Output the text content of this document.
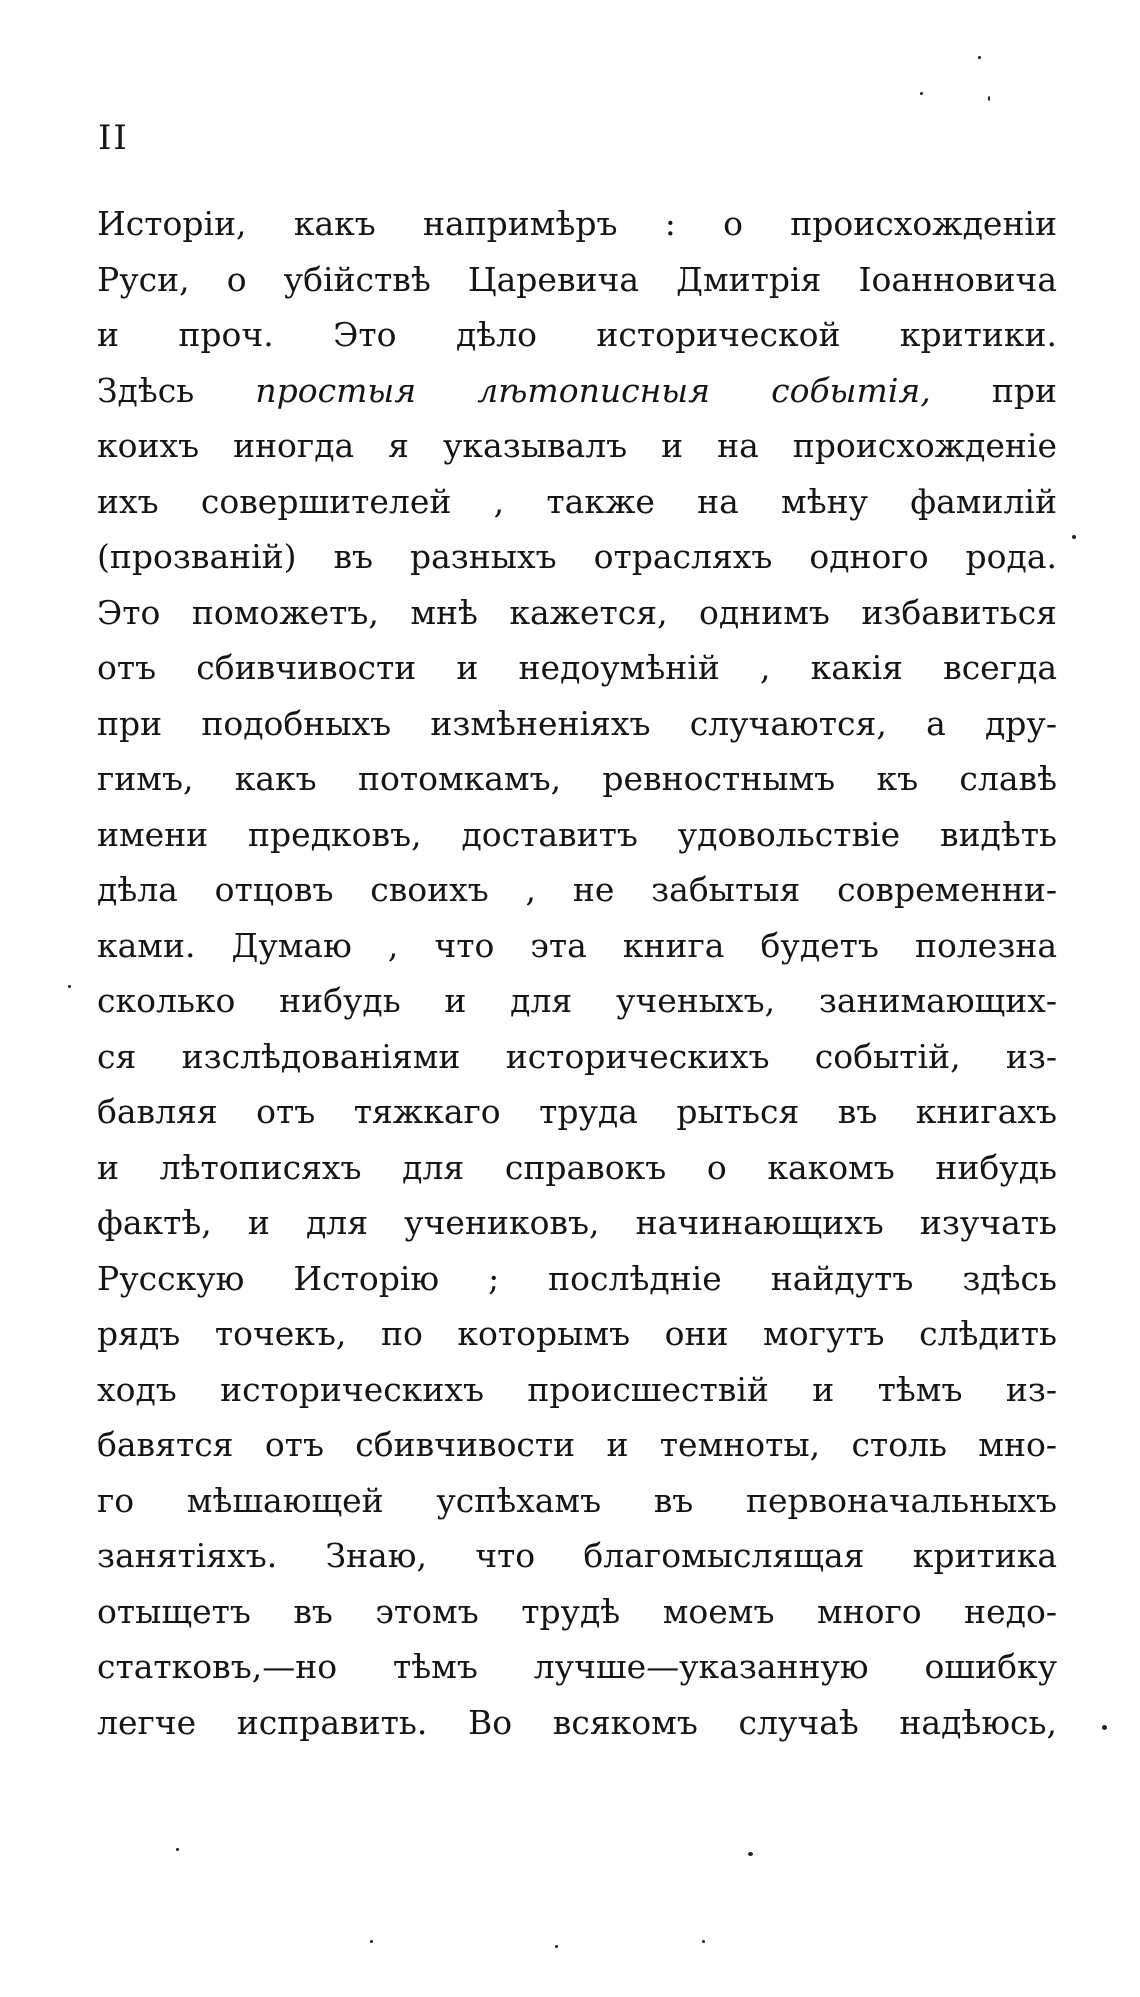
II
Исторіи, какъ напримѣръ : о происхожденіи
Руси, о убійствѣ Царевича Дмитрія Іоанновича
и проч. Это дѣло исторической критики.
Здѣсь простыя лѣтописныя событія, при
коихъ иногда я указывалъ и на происхожденіе
ихъ совершителей , также на мѣну фамилій
(прозваній) въ разныхъ отрасляхъ одного рода.
Это поможетъ, мнѣ кажется, однимъ избавиться
отъ сбивчивости и недоумѣній , какія всегда
при подобныхъ измѣненіяхъ случаются, а дру-
гимъ, какъ потомкамъ, ревностнымъ къ славѣ
имени предковъ, доставитъ удовольствіе видѣть
дѣла отцовъ своихъ , не забытыя современни-
ками. Думаю , что эта книга будетъ полезна
сколько нибудь и для ученыхъ, занимающих-
ся изслѣдованіями историческихъ событій, из-
бавляя отъ тяжкаго труда рыться въ книгахъ
и лѣтописяхъ для справокъ о какомъ нибудь
фактѣ, и для учениковъ, начинающихъ изучать
Русскую Исторію ; послѣдніе найдутъ здѣсь
рядъ точекъ, по которымъ они могутъ слѣдить
ходъ историческихъ происшествій и тѣмъ из-
бавятся отъ сбивчивости и темноты, столь мно-
го мѣшающей успѣхамъ въ первоначальныхъ
занятіяхъ. Знаю, что благомыслящая критика
отыщетъ въ этомъ трудѣ моемъ много недо-
статковъ,—но тѣмъ лучше—указанную ошибку
легче исправить. Во всякомъ случаѣ надѣюсь,
